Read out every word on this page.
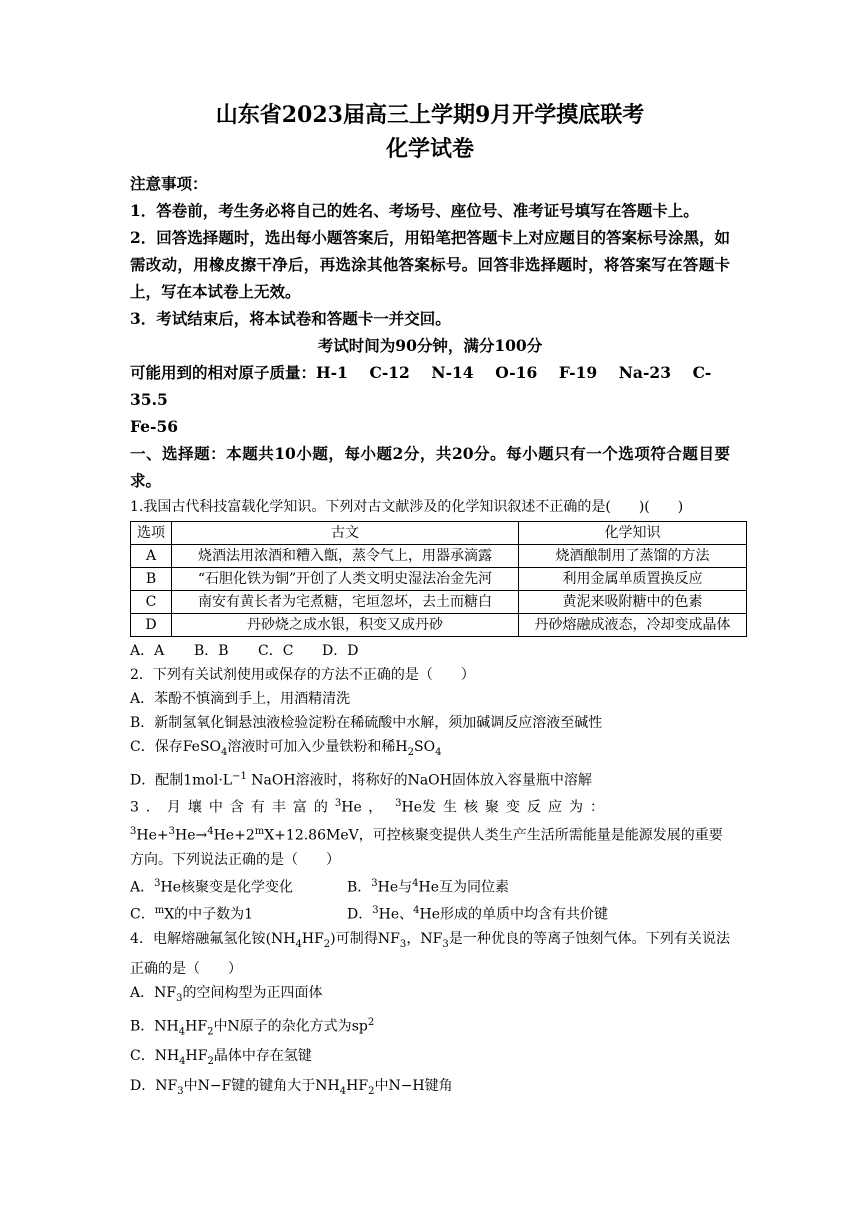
山东省2023届高三上学期9月开学摸底联考

化学试卷

注意事项：
1．答卷前，考生务必将自己的姓名、考场号、座位号、准考证号填写在答题卡上。
2．回答选择题时，选出每小题答案后，用铅笔把答题卡上对应题目的答案标号涂黑，如需改动，用橡皮擦干净后，再选涂其他答案标号。回答非选择题时，将答案写在答题卡上，写在本试卷上无效。
3．考试结束后，将本试卷和答题卡一并交回。
考试时间为90分钟，满分100分
可能用到的相对原子质量：H-1 C-12 N-14 O-16 F-19 Na-23 C-35.5
Fe-56
一、选择题：本题共10小题，每小题2分，共20分。每小题只有一个选项符合题目要求。
1.我国古代科技富载化学知识。下列对古文献涉及的化学知识叙述不正确的是(　　)(　　)
选项	古文	化学知识
A	烧酒法用浓酒和糟入甑，蒸令气上，用器承滴露	烧酒酿制用了蒸馏的方法
B	“石胆化铁为铜”开创了人类文明史湿法冶金先河	利用金属单质置换反应
C	南安有黄长者为宅煮糖，宅垣忽坏，去土而糖白	黄泥来吸附糖中的色素
D	丹砂烧之成水银，积变又成丹砂	丹砂熔融成液态，冷却变成晶体
A．A B．B C．C D．D
2．下列有关试剂使用或保存的方法不正确的是（　　）
A．苯酚不慎滴到手上，用酒精清洗
B．新制氢氧化铜悬浊液检验淀粉在稀硫酸中水解，须加碱调反应溶液至碱性
C．保存FeSO$_4$溶液时可加入少量铁粉和稀$H_2SO_4$
D．配制$1mol\cdot L^{-1}$ NaOH溶液时，将称好的NaOH固体放入容量瓶中溶解
3．月壤中含有丰富的$^3$He ，  $^3$He发生核聚变反应为：
$^3He+^3He\to^4He+2^mX+12.86MeV$，可控核聚变提供人类生产生活所需能量是能源发展的重要方向。下列说法正确的是（　　）
A．$^3$He核聚变是化学变化	B．$^3$He与$^4$He互为同位素
C．$^m$X的中子数为1	D．$^3$He、$^4$He形成的单质中均含有共价键
4．电解熔融氟氢化铵$(NH_4HF_2)$可制得$NF_3$，$NF_3$是一种优良的等离子蚀刻气体。下列有关说法正确的是（　　）
A．$NF_3$的空间构型为正四面体
B．$NH_4HF_2$中N原子的杂化方式为$sp^2$
C．$NH_4HF_2$晶体中存在氢键
D．$NF_3$中N−F键的键角大于$NH_4HF_2$中N−H键角
